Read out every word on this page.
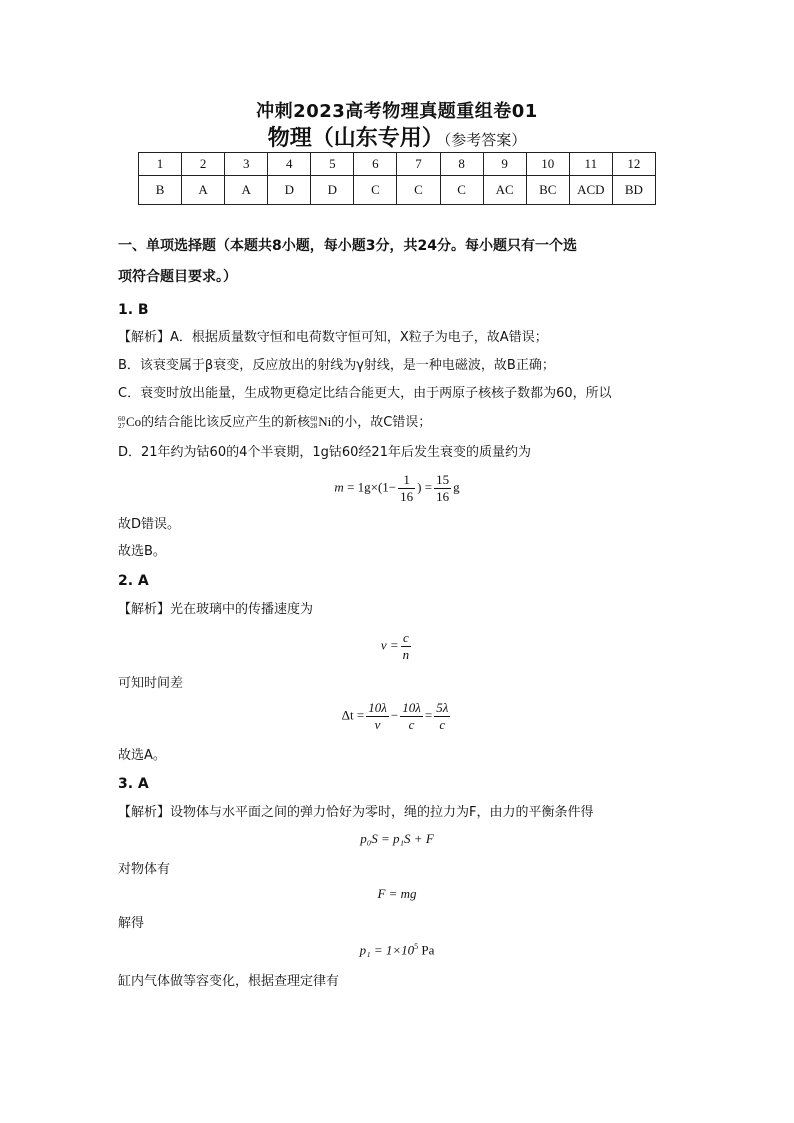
冲刺2023高考物理真题重组卷01
物理（山东专用）（参考答案）
1	2	3	4	5	6	7	8	9	10	11	12
B	A	A	D	D	C	C	C	AC	BC	ACD	BD
一、单项选择题（本题共8小题，每小题3分，共24分。每小题只有一个选
项符合题目要求。）
1. B
【解析】A．根据质量数守恒和电荷数守恒可知，X粒子为电子，故A错误；
B．该衰变属于β衰变，反应放出的射线为γ射线，是一种电磁波，故B正确；
C．衰变时放出能量，生成物更稳定比结合能更大，由于两原子核核子数都为60，所以
60
27 Co的结合能比该反应产生的新核 60
28 Ni的小，故C错误；
D．21年约为钴60的4个半衰期，1g钴60经21年后发生衰变的质量约为
$m = 1g\times(1- \frac{1}{16}$ ) = $\frac{15}{16}$ g
故D错误。
故选B。
2. A
【解析】光在玻璃中的传播速度为
$v = \frac{c}{n}$
可知时间差
$\Delta t = \frac{10\lambda}{v} - \frac{10\lambda}{c} = \frac{5\lambda}{c}$
故选A。
3. A
【解析】设物体与水平面之间的弹力恰好为零时，绳的拉力为F，由力的平衡条件得
p₀S = p₁S + F
对物体有
F = mg
解得
$p_1 = 1\times 10^5$ Pa
缸内气体做等容变化，根据查理定律有
